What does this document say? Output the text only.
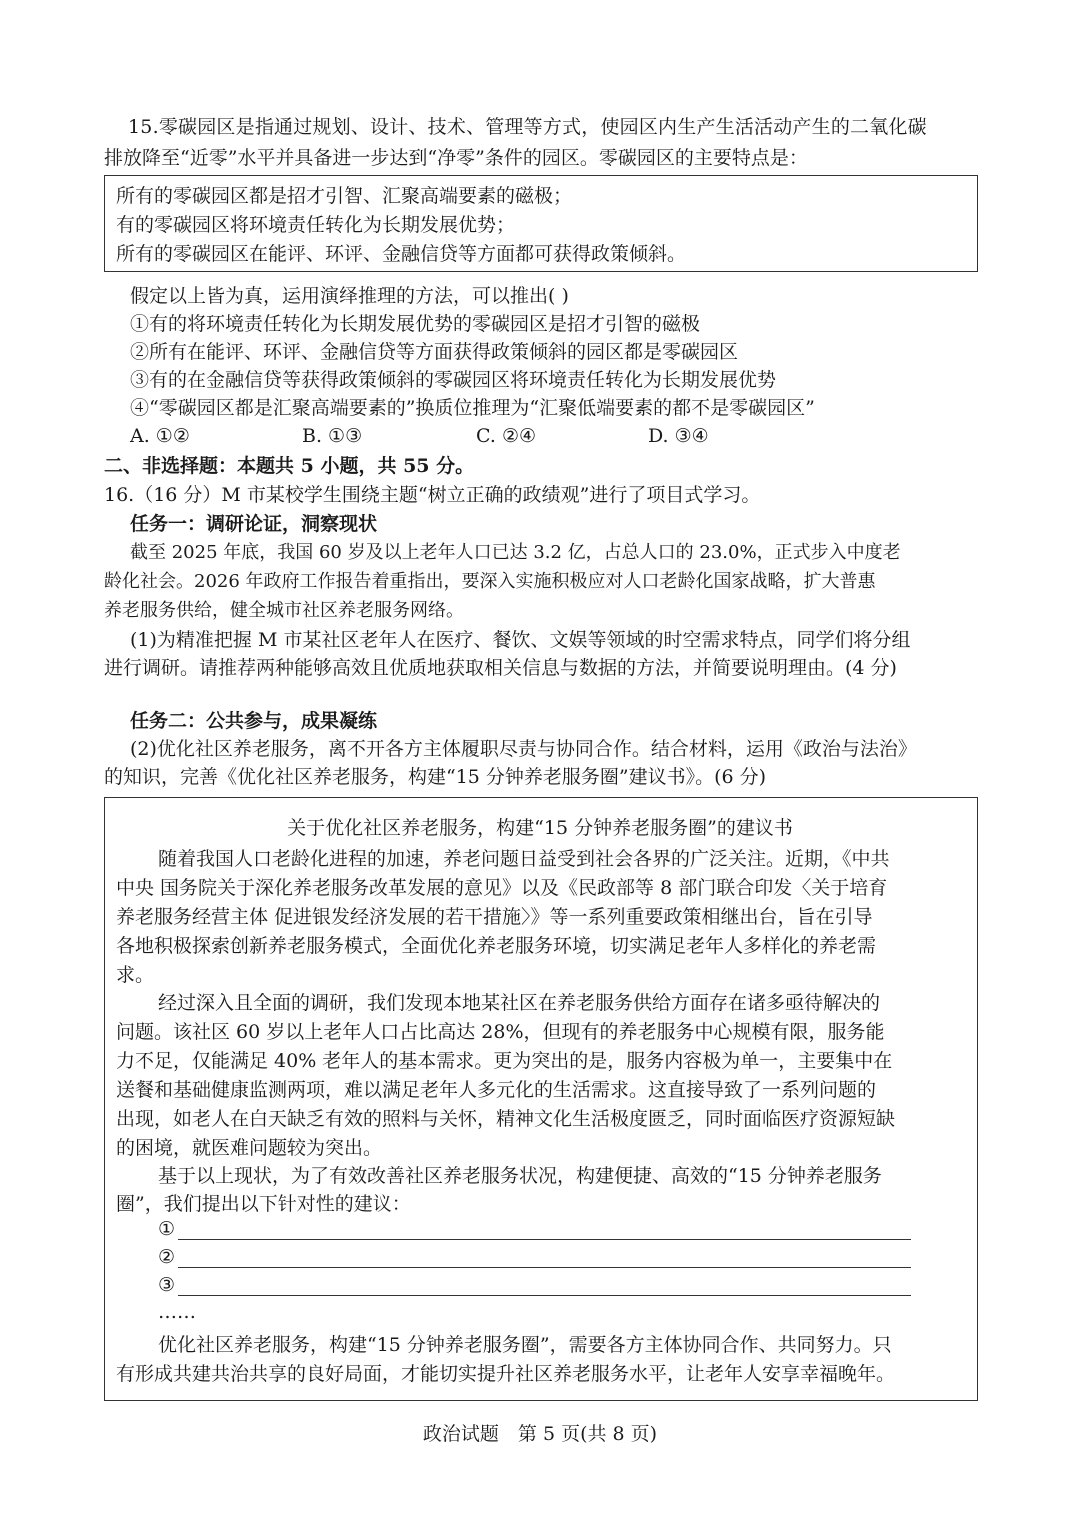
15.零碳园区是指通过规划、设计、技术、管理等方式，使园区内生产生活活动产生的二氧化碳
排放降至“近零”水平并具备进一步达到“净零”条件的园区。零碳园区的主要特点是：
所有的零碳园区都是招才引智、汇聚高端要素的磁极；
有的零碳园区将环境责任转化为长期发展优势；
所有的零碳园区在能评、环评、金融信贷等方面都可获得政策倾斜。
假定以上皆为真，运用演绎推理的方法，可以推出( )
①有的将环境责任转化为长期发展优势的零碳园区是招才引智的磁极
②所有在能评、环评、金融信贷等方面获得政策倾斜的园区都是零碳园区
③有的在金融信贷等获得政策倾斜的零碳园区将环境责任转化为长期发展优势
④“零碳园区都是汇聚高端要素的”换质位推理为“汇聚低端要素的都不是零碳园区”
A. ①②	B. ①③	C. ②④	D. ③④
二、非选择题：本题共 5 小题，共 55 分。
16.（16 分）M 市某校学生围绕主题“树立正确的政绩观”进行了项目式学习。
任务一：调研论证，洞察现状
截至 2025 年底，我国 60 岁及以上老年人口已达 3.2 亿，占总人口的 23.0%，正式步入中度老
龄化社会。2026 年政府工作报告着重指出，要深入实施积极应对人口老龄化国家战略，扩大普惠
养老服务供给，健全城市社区养老服务网络。
(1)为精准把握 M 市某社区老年人在医疗、餐饮、文娱等领域的时空需求特点，同学们将分组
进行调研。请推荐两种能够高效且优质地获取相关信息与数据的方法，并简要说明理由。(4 分)
任务二：公共参与，成果凝练
(2)优化社区养老服务，离不开各方主体履职尽责与协同合作。结合材料，运用《政治与法治》
的知识，完善《优化社区养老服务，构建“15 分钟养老服务圈”建议书》。(6 分)
关于优化社区养老服务，构建“15 分钟养老服务圈”的建议书
随着我国人口老龄化进程的加速，养老问题日益受到社会各界的广泛关注。近期，《中共
中央 国务院关于深化养老服务改革发展的意见》以及《民政部等 8 部门联合印发〈关于培育
养老服务经营主体 促进银发经济发展的若干措施〉》等一系列重要政策相继出台，旨在引导
各地积极探索创新养老服务模式，全面优化养老服务环境，切实满足老年人多样化的养老需
求。
经过深入且全面的调研，我们发现本地某社区在养老服务供给方面存在诸多亟待解决的
问题。该社区 60 岁以上老年人口占比高达 28%，但现有的养老服务中心规模有限，服务能
力不足，仅能满足 40% 老年人的基本需求。更为突出的是，服务内容极为单一，主要集中在
送餐和基础健康监测两项，难以满足老年人多元化的生活需求。这直接导致了一系列问题的
出现，如老人在白天缺乏有效的照料与关怀，精神文化生活极度匮乏，同时面临医疗资源短缺
的困境，就医难问题较为突出。
基于以上现状，为了有效改善社区养老服务状况，构建便捷、高效的“15 分钟养老服务
圈”，我们提出以下针对性的建议：
①
②
③
……
优化社区养老服务，构建“15 分钟养老服务圈”，需要各方主体协同合作、共同努力。只
有形成共建共治共享的良好局面，才能切实提升社区养老服务水平，让老年人安享幸福晚年。
政治试题　第 5 页(共 8 页)
